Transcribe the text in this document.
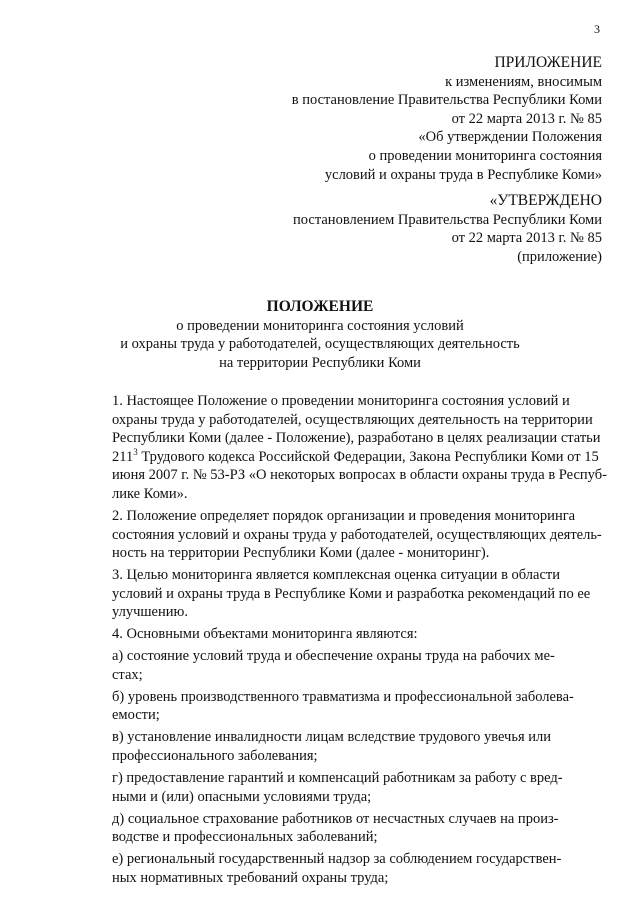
3
ПРИЛОЖЕНИЕ
к изменениям, вносимым
в постановление Правительства Республики Коми
от 22 марта 2013 г. № 85
«Об утверждении Положения
о проведении мониторинга состояния
условий и охраны труда в Республике Коми»
«УТВЕРЖДЕНО
постановлением Правительства Республики Коми
от 22 марта 2013 г. № 85
(приложение)
ПОЛОЖЕНИЕ
о проведении мониторинга состояния условий
и охраны труда у работодателей, осуществляющих деятельность
на территории Республики Коми

1. Настоящее Положение о проведении мониторинга состояния условий и
охраны труда у работодателей, осуществляющих деятельность на территории
Республики Коми (далее - Положение), разработано в целях реализации статьи
$211^3$ Трудового кодекса Российской Федерации, Закона Республики Коми от 15
июня 2007 г. № 53-РЗ «О некоторых вопросах в области охраны труда в Респуб-
лике Коми».

2. Положение определяет порядок организации и проведения мониторинга
состояния условий и охраны труда у работодателей, осуществляющих деятель-
ность на территории Республики Коми (далее - мониторинг).

3. Целью мониторинга является комплексная оценка ситуации в области
условий и охраны труда в Республике Коми и разработка рекомендаций по ее
улучшению.

4. Основными объектами мониторинга являются:

а) состояние условий труда и обеспечение охраны труда на рабочих ме-
стах;

б) уровень производственного травматизма и профессиональной заболева-
емости;

в) установление инвалидности лицам вследствие трудового увечья или
профессионального заболевания;

г) предоставление гарантий и компенсаций работникам за работу с вред-
ными и (или) опасными условиями труда;

д) социальное страхование работников от несчастных случаев на произ-
водстве и профессиональных заболеваний;

е) региональный государственный надзор за соблюдением государствен-
ных нормативных требований охраны труда;
